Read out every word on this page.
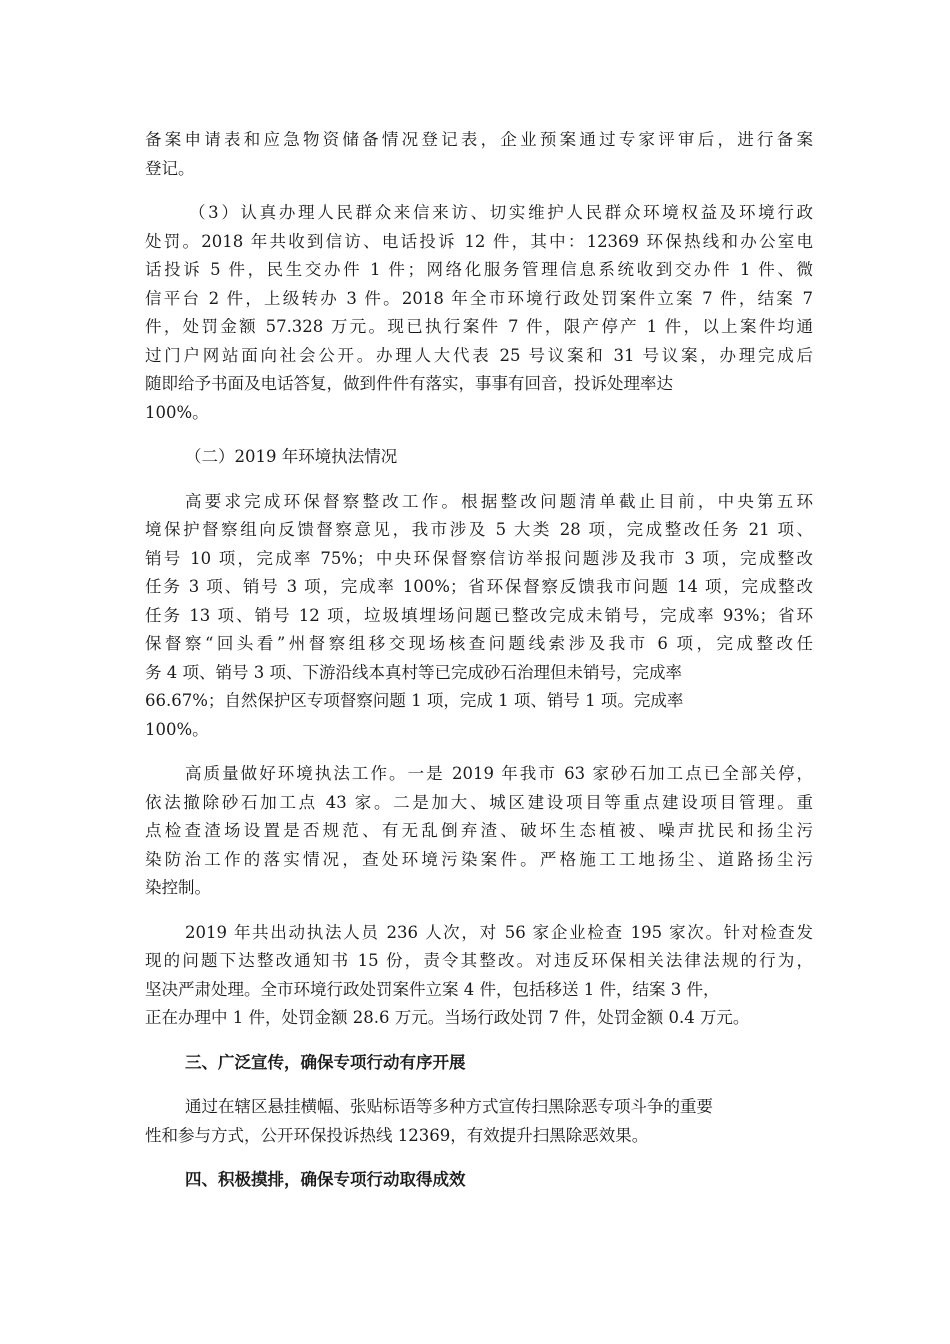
备案申请表和应急物资储备情况登记表，企业预案通过专家评审后，进行备案
登记。
（3）认真办理人民群众来信来访、切实维护人民群众环境权益及环境行政
处罚。2018 年共收到信访、电话投诉 12 件，其中：12369 环保热线和办公室电
话投诉 5 件，民生交办件 1 件；网络化服务管理信息系统收到交办件 1 件、微
信平台 2 件，上级转办 3 件。2018 年全市环境行政处罚案件立案 7 件，结案 7
件，处罚金额 57.328 万元。现已执行案件 7 件，限产停产 1 件，以上案件均通
过门户网站面向社会公开。办理人大代表 25 号议案和 31 号议案，办理完成后
随即给予书面及电话答复，做到件件有落实，事事有回音，投诉处理率达
100%。
（二）2019 年环境执法情况
高要求完成环保督察整改工作。根据整改问题清单截止目前，中央第五环
境保护督察组向反馈督察意见，我市涉及 5 大类 28 项，完成整改任务 21 项、
销号 10 项，完成率 75%；中央环保督察信访举报问题涉及我市 3 项，完成整改
任务 3 项、销号 3 项，完成率 100%；省环保督察反馈我市问题 14 项，完成整改
任务 13 项、销号 12 项，垃圾填埋场问题已整改完成未销号，完成率 93%；省环
保督察“回头看”州督察组移交现场核查问题线索涉及我市 6 项，完成整改任
务 4 项、销号 3 项、下游沿线本真村等已完成砂石治理但未销号，完成率
66.67%；自然保护区专项督察问题 1 项，完成 1 项、销号 1 项。完成率
100%。
高质量做好环境执法工作。一是 2019 年我市 63 家砂石加工点已全部关停，
依法撤除砂石加工点 43 家。二是加大、城区建设项目等重点建设项目管理。重
点检查渣场设置是否规范、有无乱倒弃渣、破坏生态植被、噪声扰民和扬尘污
染防治工作的落实情况，查处环境污染案件。严格施工工地扬尘、道路扬尘污
染控制。
2019 年共出动执法人员 236 人次，对 56 家企业检查 195 家次。针对检查发
现的问题下达整改通知书 15 份，责令其整改。对违反环保相关法律法规的行为，
坚决严肃处理。全市环境行政处罚案件立案 4 件，包括移送 1 件，结案 3 件，
正在办理中 1 件，处罚金额 28.6 万元。当场行政处罚 7 件，处罚金额 0.4 万元。
三、广泛宣传，确保专项行动有序开展
通过在辖区悬挂横幅、张贴标语等多种方式宣传扫黑除恶专项斗争的重要
性和参与方式，公开环保投诉热线 12369，有效提升扫黑除恶效果。
四、积极摸排，确保专项行动取得成效
